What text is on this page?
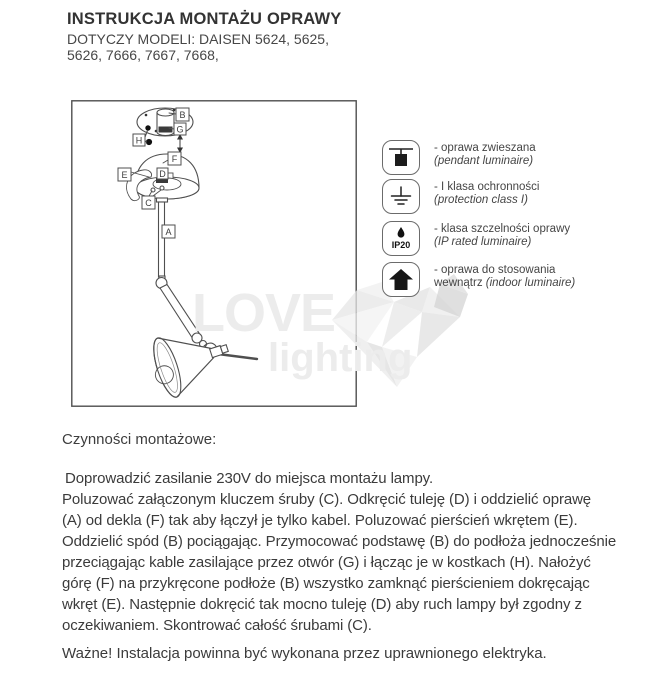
INSTRUKCJA MONTAŻU OPRAWY
DOTYCZY MODELI: DAISEN 5624, 5625,
5626, 7666, 7667, 7668,
B
G
H
F
E	D
C
A
LOVE
lighting
- oprawa zwieszana
(pendant luminaire)
- I klasa ochronności
(protection class I)
IP20
- klasa szczelności oprawy
(IP rated luminaire)
- oprawa do stosowania
wewnątrz (indoor luminaire)
Czynności montażowe:
Doprowadzić zasilanie 230V do miejsca montażu lampy.
Poluzować załączonym kluczem śruby (C). Odkręcić tuleję (D) i oddzielić oprawę
(A) od dekla (F) tak aby łączył je tylko kabel. Poluzować pierścień wkrętem (E).
Oddzielić spód (B) pociągając. Przymocować podstawę (B) do podłoża jednocześnie
przeciągając kable zasilające przez otwór (G) i łącząc je w kostkach (H). Nałożyć
górę (F) na przykręcone podłoże (B) wszystko zamknąć pierścieniem dokręcając
wkręt (E). Następnie dokręcić tak mocno tuleję (D) aby ruch lampy był zgodny z
oczekiwaniem. Skontrować całość śrubami (C).
Ważne! Instalacja powinna być wykonana przez uprawnionego elektryka.
